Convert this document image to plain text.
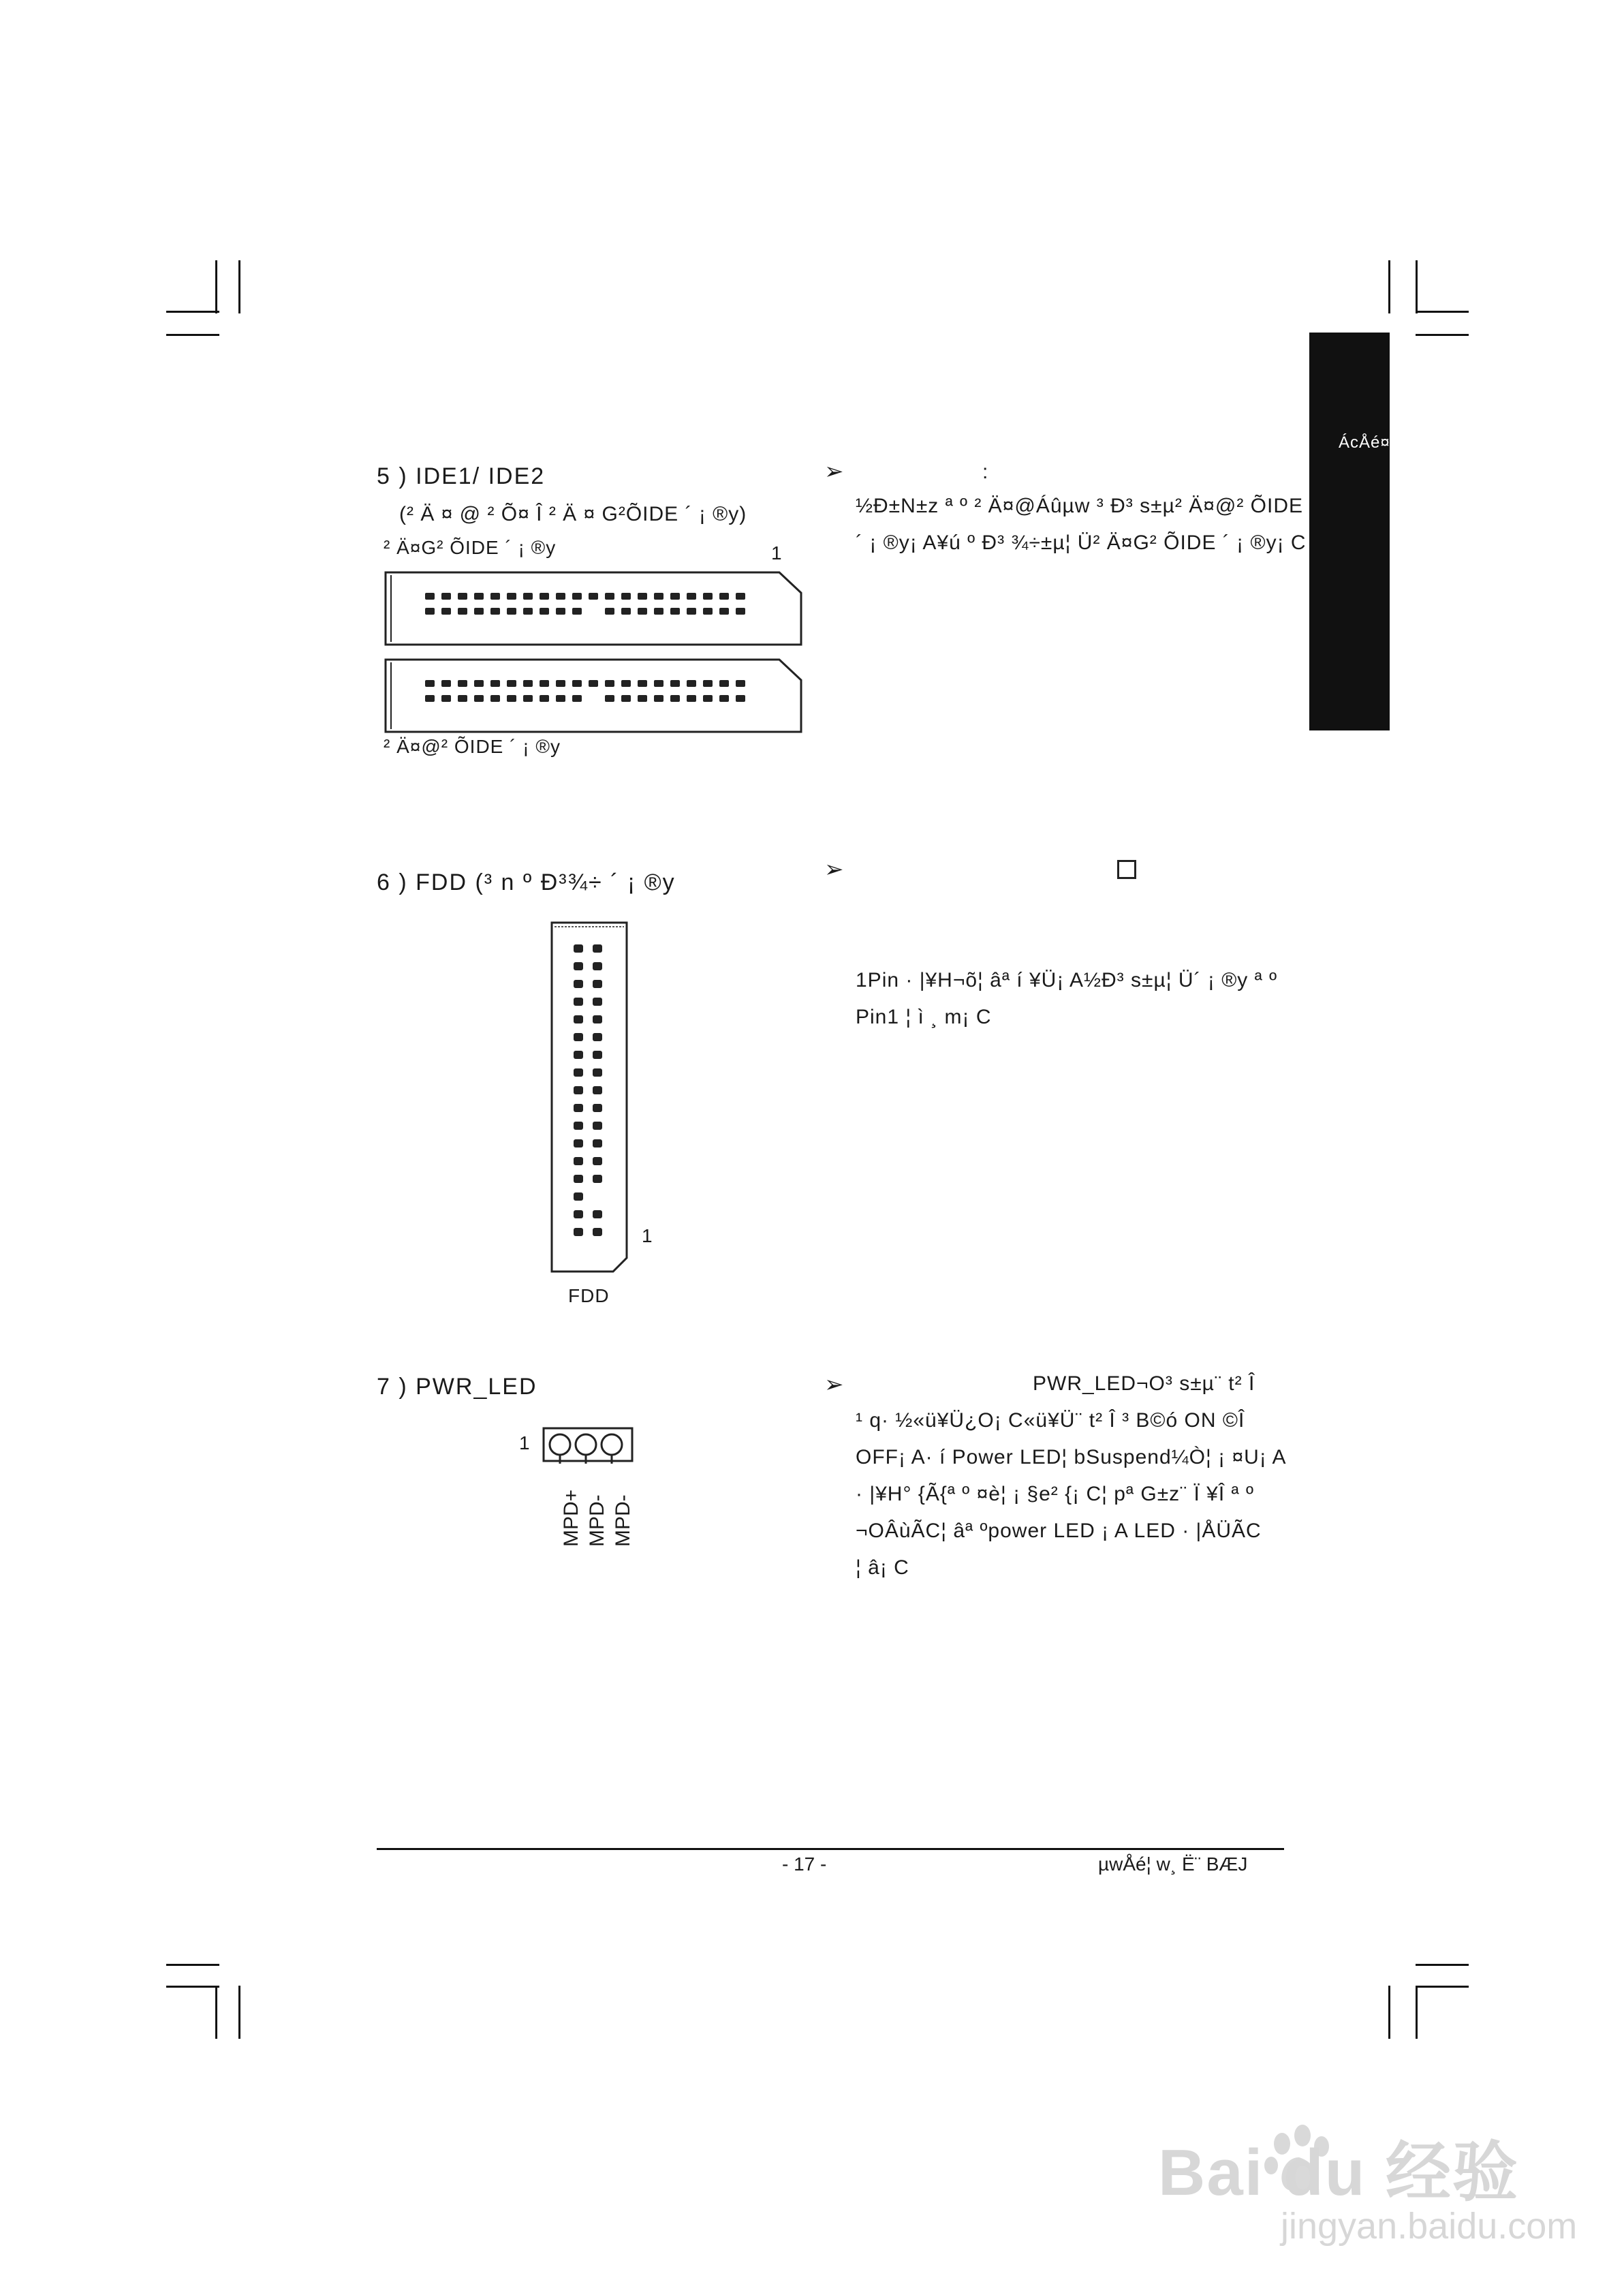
ÁcÅé¤¤
5 ) IDE1/ IDE2
(² Ä ¤ @ ² Õ¤ Î ² Ä ¤ G²ÕIDE ´ ¡ ®y)
² Ä¤G² ÕIDE ´ ¡ ®y	1
² Ä¤@² ÕIDE ´ ¡ ®y
➢	:
½Ð±N±z ª º ² Ä¤@Áûµw ³ Ð³ s±µ² Ä¤@² ÕIDE
´ ¡ ®y¡ A¥ú º Ð³ ¾÷±µ¦ Ü² Ä¤G² ÕIDE ´ ¡ ®y¡ C
6 ) FDD (³ n º Ð³¾÷ ´ ¡ ®y
1
FDD
➢
1Pin · |¥H¬õ¦ âª í ¥Ü¡ A½Ð³ s±µ¦ Ü´ ¡ ®y ª º
Pin1 ¦ ì ¸ m¡ C
7 ) PWR_LED
1
MPD+ MPD- MPD-
➢	PWR_LED¬O³ s±µ¨ t² Î
¹ q· ½«ü¥Ü¿O¡ C«ü¥Ü¨ t² Î ³ B©ó ON ©Î
OFF¡ A· í Power LED¦ bSuspend¼Ò¦ ¡ ¤U¡ A
· |¥H° {Ã{ª º ¤è¦ ¡ §e² {¡ C¦ pª G±z¨ Ï ¥Î ª º
¬OÂùÃC¦ âª ºpower LED ¡ A LED · |ÅÜÃC
¦ â¡ C
- 17 -	µwÅé¦ w¸ Ë¨ BÆJ
Bai du 经验
jingyan.baidu.com
